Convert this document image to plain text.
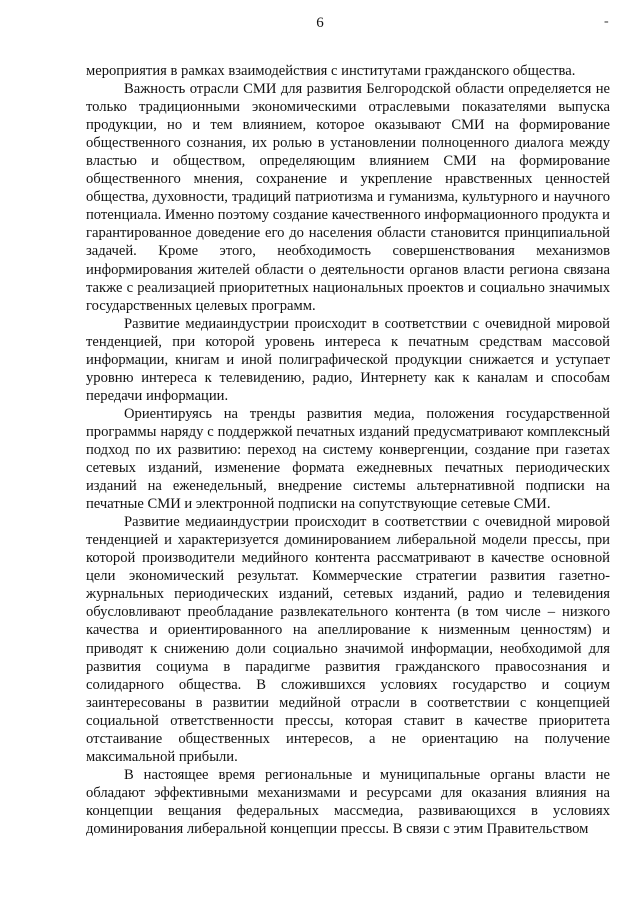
6	-

мероприятия в рамках взаимодействия с институтами гражданского общества.

Важность отрасли СМИ для развития Белгородской области определяется не только традиционными экономическими отраслевыми показателями выпуска продукции, но и тем влиянием, которое оказывают СМИ на формирование общественного сознания, их ролью в установлении полноценного диалога между властью и обществом, определяющим влиянием СМИ на формирование общественного мнения, сохранение и укрепление нравственных ценностей общества, духовности, традиций патриотизма и гуманизма, культурного и научного потенциала. Именно поэтому создание качественного информационного продукта и гарантированное доведение его до населения области становится принципиальной задачей. Кроме этого, необходимость совершенствования механизмов информирования жителей области о деятельности органов власти региона связана также с реализацией приоритетных национальных проектов и социально значимых государственных целевых программ.

Развитие медиаиндустрии происходит в соответствии с очевидной мировой тенденцией, при которой уровень интереса к печатным средствам массовой информации, книгам и иной полиграфической продукции снижается и уступает уровню интереса к телевидению, радио, Интернету как к каналам и способам передачи информации.

Ориентируясь на тренды развития медиа, положения государственной программы наряду с поддержкой печатных изданий предусматривают комплексный подход по их развитию: переход на систему конвергенции, создание при газетах сетевых изданий, изменение формата ежедневных печатных периодических изданий на еженедельный, внедрение системы альтернативной подписки на печатные СМИ и электронной подписки на сопутствующие сетевые СМИ.

Развитие медиаиндустрии происходит в соответствии с очевидной мировой тенденцией и характеризуется доминированием либеральной модели прессы, при которой производители медийного контента рассматривают в качестве основной цели экономический результат. Коммерческие стратегии развития газетно-журнальных периодических изданий, сетевых изданий, радио и телевидения обусловливают преобладание развлекательного контента (в том числе – низкого качества и ориентированного на апеллирование к низменным ценностям) и приводят к снижению доли социально значимой информации, необходимой для развития социума в парадигме развития гражданского правосознания и солидарного общества. В сложившихся условиях государство и социум заинтересованы в развитии медийной отрасли в соответствии с концепцией социальной ответственности прессы, которая ставит в качестве приоритета отстаивание общественных интересов, а не ориентацию на получение максимальной прибыли.

В настоящее время региональные и муниципальные органы власти не обладают эффективными механизмами и ресурсами для оказания влияния на концепции вещания федеральных массмедиа, развивающихся в условиях доминирования либеральной концепции прессы. В связи с этим Правительством
